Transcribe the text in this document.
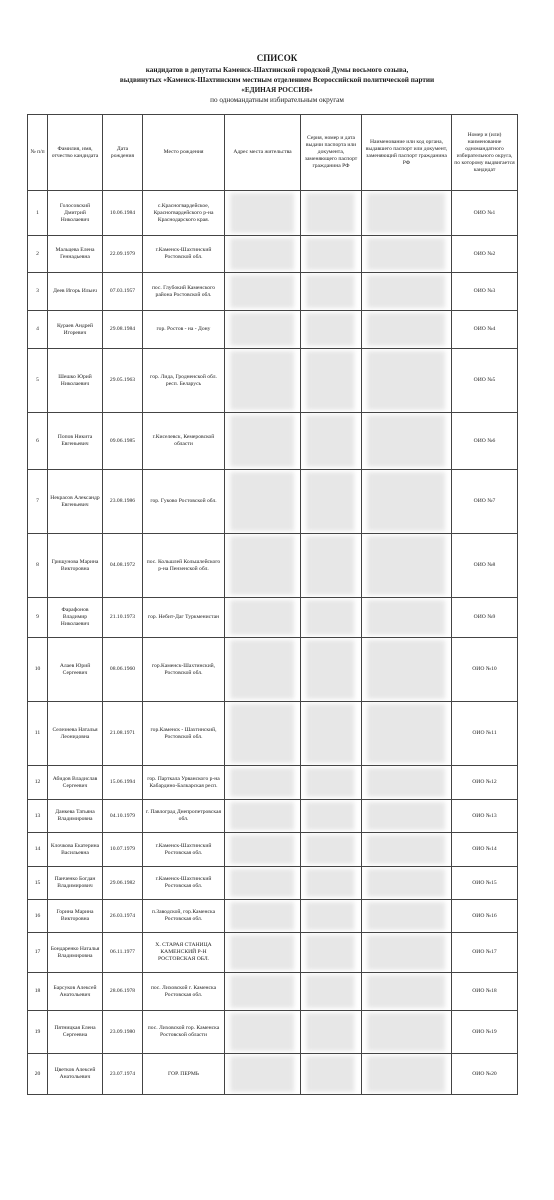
СПИСОК
кандидатов в депутаты Каменск-Шахтинской городской Думы восьмого созыва,
выдвинутых «Каменск-Шахтинским местным отделением Всероссийской политической партии
«ЕДИНАЯ РОССИЯ»
по одномандатным избирательным округам
№ п/п	Фамилия, имя, отчество кандидата	Дата рождения	Место рождения	Адрес места жительства	Серия, номер и дата выдачи паспорта или документа, заменяющего паспорт гражданина РФ	Наименование или код органа, выдавшего паспорт или документ, заменяющий паспорт гражданина РФ	Номер и (или) наименование одномандатного избирательного округа, по которому выдвигается кандидат
1	Голосовский Дмитрий Николаевич	10.06.1984	с.Красногвардейское, Красногвардейского р-на Краснодарского края.				ОИО №1
2	Мальцева Елена Геннадьевна	22.09.1979	г.Каменск-Шахтинский Ростовской обл.				ОИО №2
3	Деев Игорь Ильич	07.03.1957	пос. Глубокий Каменского района Ростовской обл.				ОИО №3
4	Кураев Андрей Игоревич	29.08.1984	гор. Ростов - на - Дону				ОИО №4
5	Шешко Юрий Николаевич	29.05.1963	гор. Лида, Гродненской обл. респ. Беларусь				ОИО №5
6	Попов Никита Евгеньевич	09.06.1985	г.Киселевск, Кемеровской области				ОИО №6
7	Некрасов Александр Евгеньевич	23.08.1986	гор. Гуково Ростовской обл.				ОИО №7
8	Грищунова Марина Викторовна	04.08.1972	пос. Кольшлей Кольшлейского р-на Пензенской обл.				ОИО №8
9	Фарафонов Владимир Николаевич	21.10.1973	гор. Небит-Даг Туркменистан				ОИО №9
10	Алаев Юрий Сергеевич	08.06.1960	гор.Каменск-Шахтинский, Ростовской обл.				ОИО №10
11	Селезнева Наталья Леонидовна	21.08.1971	гор.Каменск - Шахтинский, Ростовской обл.				ОИО №11
12	Абидов Владислав Сергеевич	15.06.1994	гор. Парткала Урванского р-на Кабардино-Балкарская респ.				ОИО №12
13	Данкева Татьяна Владимировна	04.10.1979	г. Павлоград Днепропетровская обл.				ОИО №13
14	Клочкова Екатерина Васильевна	10.07.1979	г.Каменск-Шахтинский Ростовская обл.				ОИО №14
15	Панченко Богдан Владимирович	29.06.1982	г.Каменск-Шахтинский Ростовская обл.				ОИО №15
16	Горина Марина Викторовна	26.03.1974	п.Заводской, гор.Каменска Ростовская обл.				ОИО №16
17	Бондаренко Наталья Владимировна	06.11.1977	Х. СТАРАЯ СТАНИЦА КАМЕНСКИЙ Р-Н РОСТОВСКАЯ ОБЛ.				ОИО №17
18	Барсуков Алексей Анатольевич	28.06.1978	пос. Лиховской г. Каменска Ростовская обл.				ОИО №18
19	Пятницкая Елена Сергеевна	23.09.1980	пос. Лиховской гор. Каменска Ростовской области				ОИО №19
20	Цветков Алексей Анатольевич	23.07.1974	ГОР. ПЕРМЬ				ОИО №20
